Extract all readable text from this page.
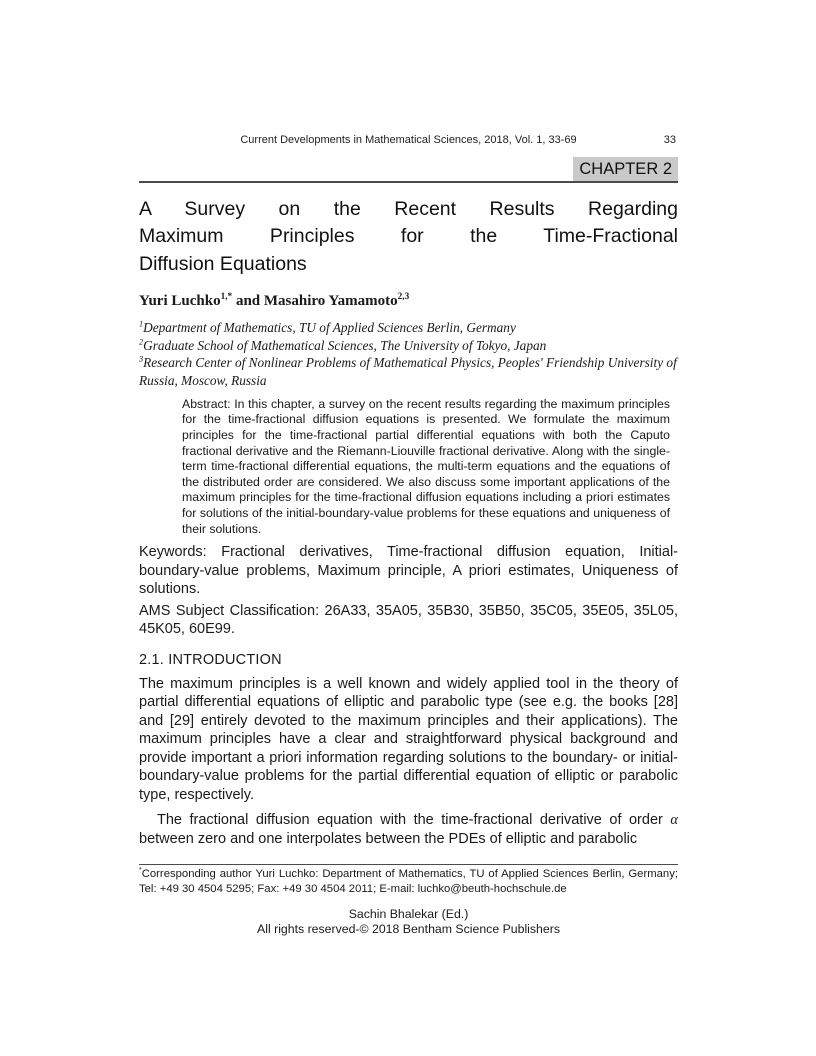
Current Developments in Mathematical Sciences, 2018, Vol. 1, 33-69	33
CHAPTER 2
A Survey on the Recent Results Regarding
Maximum Principles for the Time-Fractional
Diffusion Equations

Yuri Luchko$^{1,*}$ and Masahiro Yamamoto$^{2,3}$

$^1$Department of Mathematics, TU of Applied Sciences Berlin, Germany
$^2$Graduate School of Mathematical Sciences, The University of Tokyo, Japan
$^3$Research Center of Nonlinear Problems of Mathematical Physics, Peoples' Friendship University of Russia, Moscow, Russia

Abstract: In this chapter, a survey on the recent results regarding the maximum principles for the time-fractional diffusion equations is presented. We formulate the maximum principles for the time-fractional partial differential equations with both the Caputo fractional derivative and the Riemann-Liouville fractional derivative. Along with the single-term time-fractional differential equations, the multi-term equations and the equations of the distributed order are considered. We also discuss some important applications of the maximum principles for the time-fractional diffusion equations including a priori estimates for solutions of the initial-boundary-value problems for these equations and uniqueness of their solutions.

Keywords: Fractional derivatives, Time-fractional diffusion equation, Initial-boundary-value problems, Maximum principle, A priori estimates, Uniqueness of solutions.

AMS Subject Classification: 26A33, 35A05, 35B30, 35B50, 35C05, 35E05, 35L05, 45K05, 60E99.

2.1. INTRODUCTION

The maximum principles is a well known and widely applied tool in the theory of partial differential equations of elliptic and parabolic type (see e.g. the books [28] and [29] entirely devoted to the maximum principles and their applications). The maximum principles have a clear and straightforward physical background and provide important a priori information regarding solutions to the boundary- or initial-boundary-value problems for the partial differential equation of elliptic or parabolic type, respectively.

The fractional diffusion equation with the time-fractional derivative of order α between zero and one interpolates between the PDEs of elliptic and parabolic

*Corresponding author Yuri Luchko: Department of Mathematics, TU of Applied Sciences Berlin, Germany; Tel: +49 30 4504 5295; Fax: +49 30 4504 2011; E-mail: luchko@beuth-hochschule.de

Sachin Bhalekar (Ed.)
All rights reserved-© 2018 Bentham Science Publishers
